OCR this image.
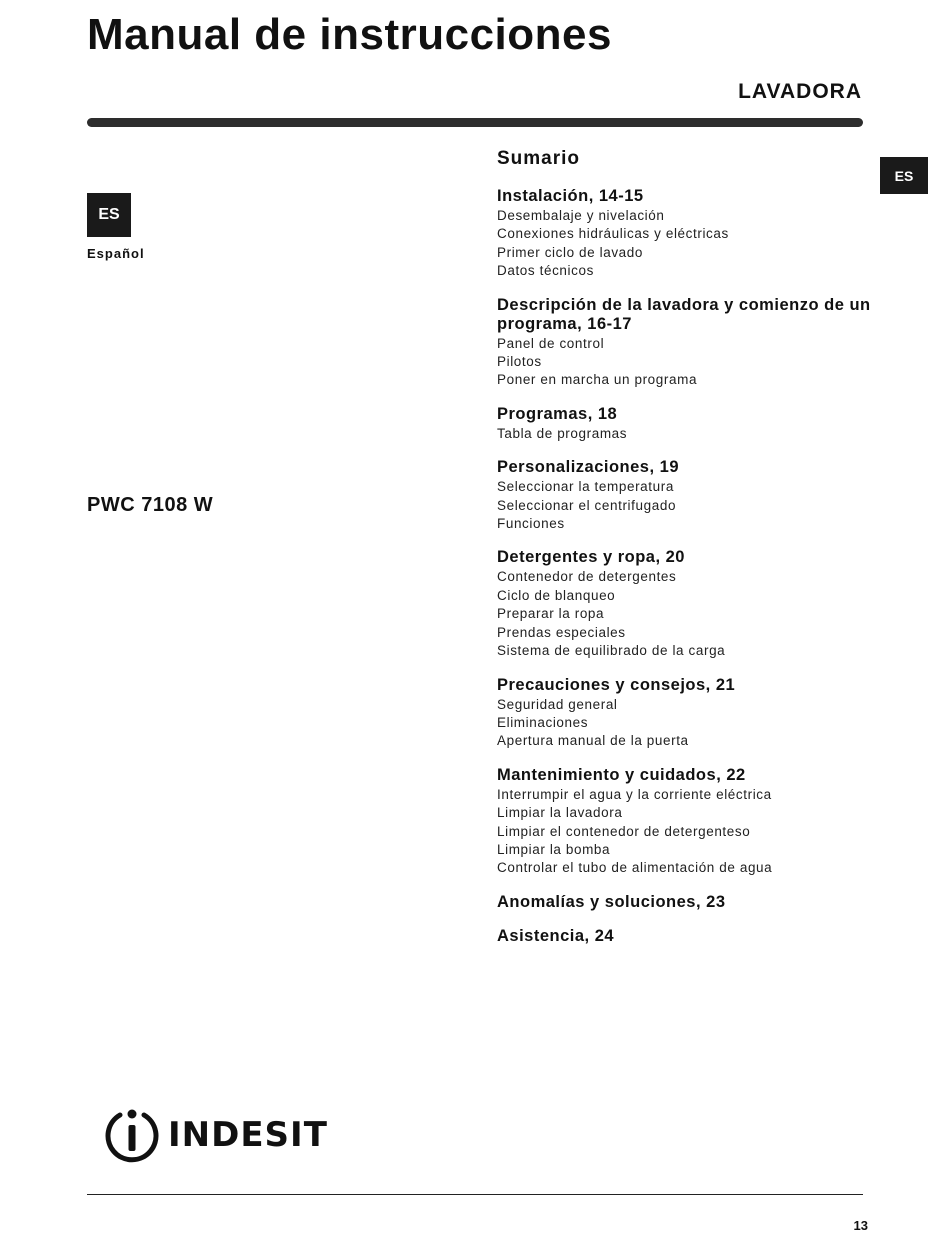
Manual de instrucciones
LAVADORA
ES
Español
ES
PWC 7108 W
Sumario
Instalación, 14-15
Desembalaje y nivelación
Conexiones hidráulicas y eléctricas
Primer ciclo de lavado
Datos técnicos
Descripción de la lavadora y comienzo de un programa, 16-17
Panel de control
Pilotos
Poner en marcha un programa
Programas, 18
Tabla de programas
Personalizaciones, 19
Seleccionar la temperatura
Seleccionar el centrifugado
Funciones
Detergentes y ropa, 20
Contenedor de detergentes
Ciclo de blanqueo
Preparar la ropa
Prendas especiales
Sistema de equilibrado de la carga
Precauciones y consejos, 21
Seguridad general
Eliminaciones
Apertura manual de la puerta
Mantenimiento y cuidados, 22
Interrumpir el agua y la corriente eléctrica
Limpiar la lavadora
Limpiar el contenedor de detergenteso
Limpiar la bomba
Controlar el tubo de alimentación de agua
Anomalías y soluciones, 23
Asistencia, 24
INDESIT
13
